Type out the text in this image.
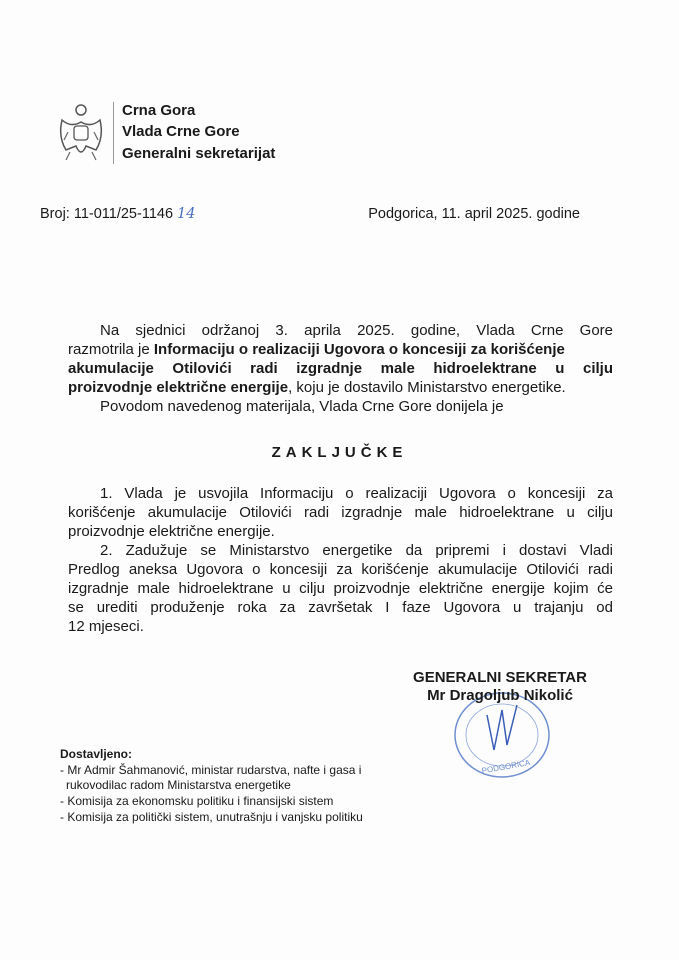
Crna Gora
Vlada Crne Gore
Generalni sekretarijat
Broj: 11-011/25-1146 14	Podgorica, 11. april 2025. godine
Na sjednici održanoj 3. aprila 2025. godine, Vlada Crne Gore
razmotrila je Informaciju o realizaciji Ugovora o koncesiji za korišćenje
akumulacije Otilovići radi izgradnje male hidroelektrane u cilju
proizvodnje električne energije , koju je dostavilo Ministarstvo energetike.
Povodom navedenog materijala, Vlada Crne Gore donijela je
ZAKLJUČKE
1. Vlada je usvojila Informaciju o realizaciji Ugovora o koncesiji za
korišćenje akumulacije Otilovići radi izgradnje male hidroelektrane u cilju
proizvodnje električne energije.
2. Zadužuje se Ministarstvo energetike da pripremi i dostavi Vladi
Predlog aneksa Ugovora o koncesiji za korišćenje akumulacije Otilovići radi
izgradnje male hidroelektrane u cilju proizvodnje električne energije kojim će
se urediti produženje roka za završetak I faze Ugovora u trajanju od
12 mjeseci.
PODGORICA
GENERALNI SEKRETAR
Mr Dragoljub Nikolić
Dostavljeno:
- Mr Admir Šahmanović, ministar rudarstva, nafte i gasa i
rukovodilac radom Ministarstva energetike
- Komisija za ekonomsku politiku i finansijski sistem
- Komisija za politički sistem, unutrašnju i vanjsku politiku
